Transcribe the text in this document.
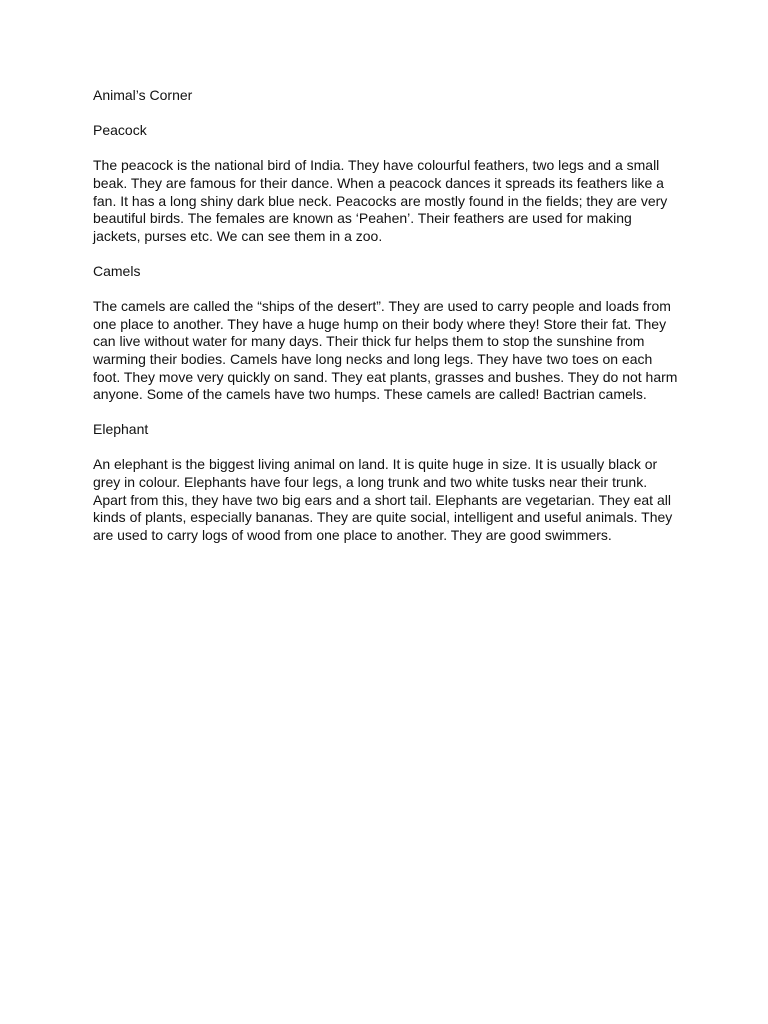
Animal’s Corner

Peacock

The peacock is the national bird of India. They have colourful feathers, two legs and a small beak. They are famous for their dance. When a peacock dances it spreads its feathers like a fan. It has a long shiny dark blue neck. Peacocks are mostly found in the fields; they are very beautiful birds. The females are known as ‘Peahen’. Their feathers are used for making jackets, purses etc. We can see them in a zoo.

Camels

The camels are called the “ships of the desert”. They are used to carry people and loads from one place to another. They have a huge hump on their body where they! Store their fat. They can live without water for many days. Their thick fur helps them to stop the sunshine from warming their bodies. Camels have long necks and long legs. They have two toes on each foot. They move very quickly on sand. They eat plants, grasses and bushes. They do not harm anyone. Some of the camels have two humps. These camels are called! Bactrian camels.

Elephant

An elephant is the biggest living animal on land. It is quite huge in size. It is usually black or grey in colour. Elephants have four legs, a long trunk and two white tusks near their trunk. Apart from this, they have two big ears and a short tail. Elephants are vegetarian. They eat all kinds of plants, especially bananas. They are quite social, intelligent and useful animals. They are used to carry logs of wood from one place to another. They are good swimmers.
